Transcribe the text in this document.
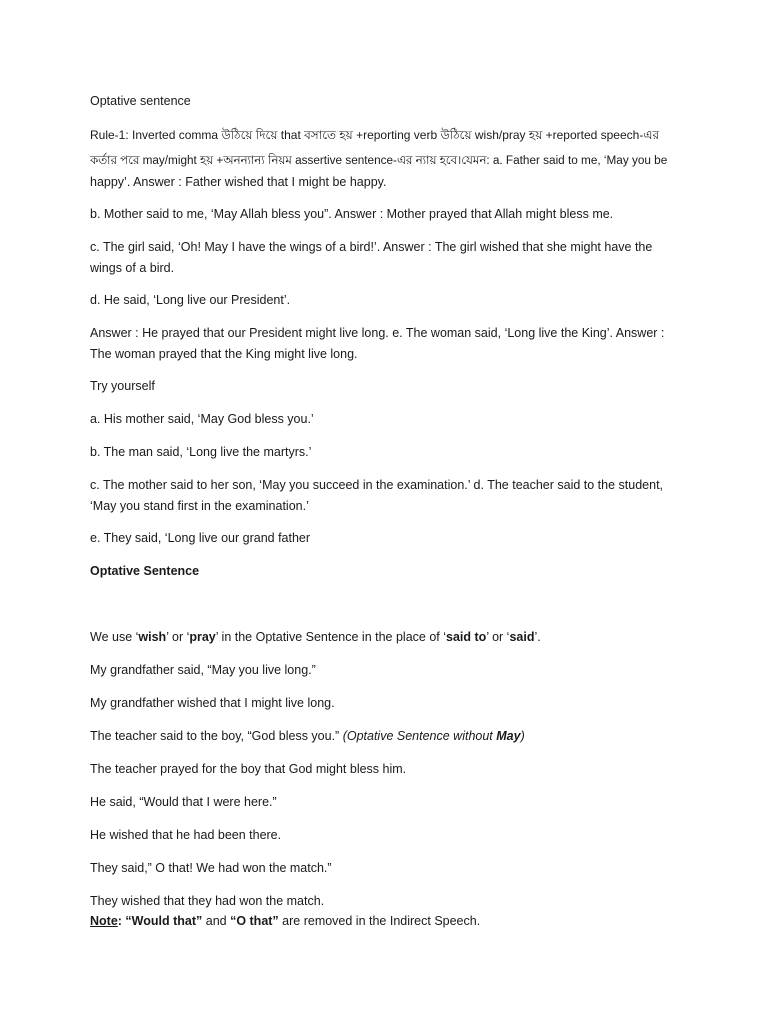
Optative sentence

Rule-1: Inverted comma উঠিয়ে দিয়ে that বসাতে হয় +reporting verb উঠিয়ে wish/pray হয় +reported speech-এর

কর্তার পরে may/might হয় +অনন্যান্য নিয়ম assertive sentence-এর ন্যায় হবে।যেমন: a. Father said to me, ‘May you be

happy’. Answer : Father wished that I might be happy.

b. Mother said to me, ‘May Allah bless you”. Answer : Mother prayed that Allah might bless me.

c. The girl said, ‘Oh! May I have the wings of a bird!’. Answer : The girl wished that she might have the

wings of a bird.

d. He said, ‘Long live our President’.

Answer : He prayed that our President might live long. e. The woman said, ‘Long live the King’. Answer :

The woman prayed that the King might live long.

Try yourself

a. His mother said, ‘May God bless you.’

b. The man said, ‘Long live the martyrs.’

c. The mother said to her son, ‘May you succeed in the examination.’ d. The teacher said to the student,

‘May you stand first in the examination.’

e. They said, ‘Long live our grand father

Optative Sentence

We use ‘wish’ or ‘pray’ in the Optative Sentence in the place of ‘said to’ or ‘said’.

My grandfather said, “May you live long.”

My grandfather wished that I might live long.

The teacher said to the boy, “God bless you.” (Optative Sentence without May)

The teacher prayed for the boy that God might bless him.

He said, “Would that I were here.”

He wished that he had been there.

They said,” O that! We had won the match.”

They wished that they had won the match.

Note: “Would that” and “O that” are removed in the Indirect Speech.
